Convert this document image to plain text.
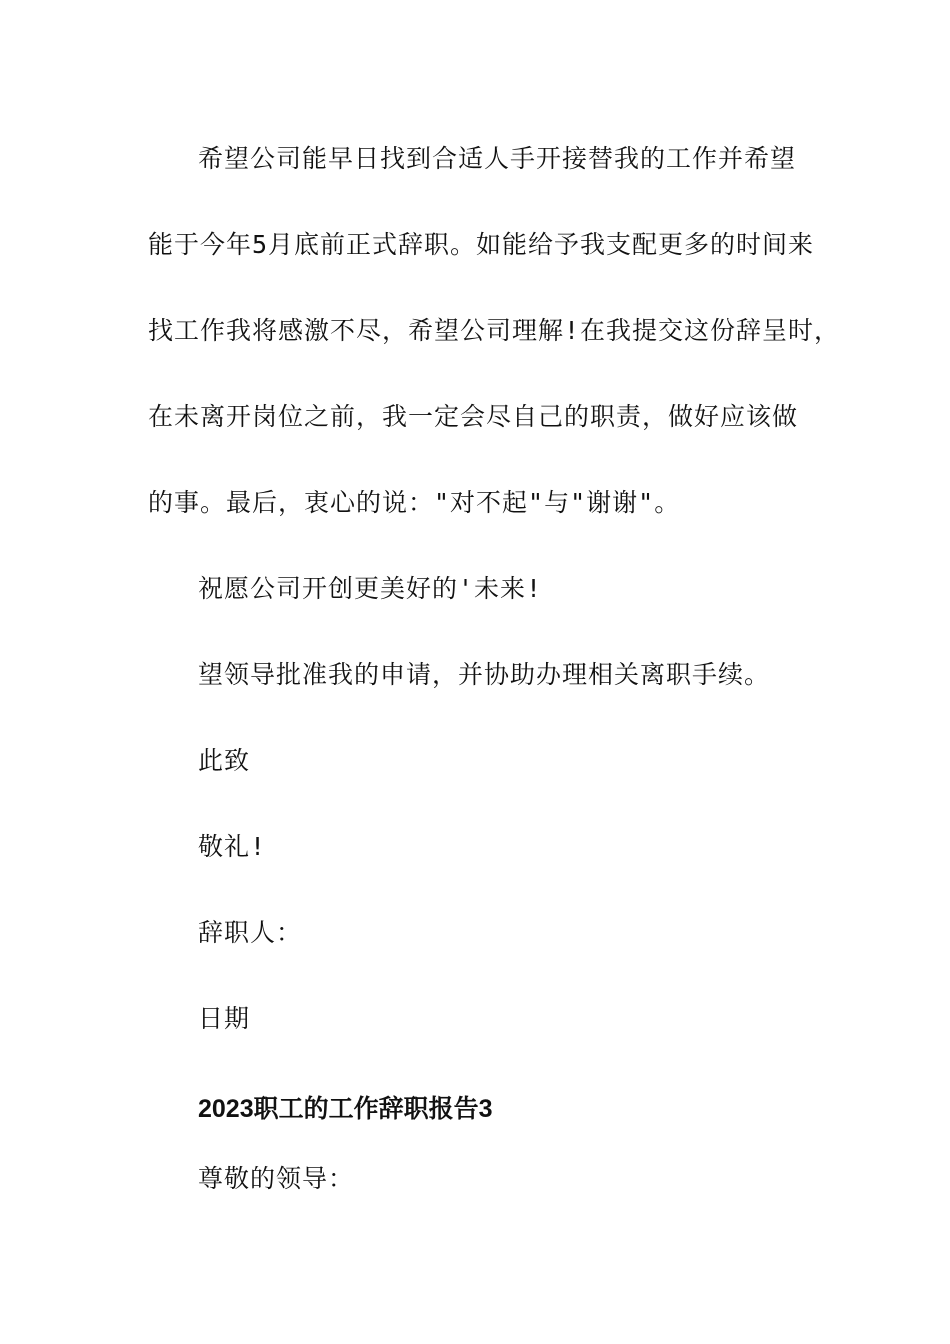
希望公司能早日找到合适人手开接替我的工作并希望
能于今年5月底前正式辞职。如能给予我支配更多的时间来
找工作我将感激不尽，希望公司理解!在我提交这份辞呈时，
在未离开岗位之前，我一定会尽自己的职责，做好应该做
的事。最后，衷心的说："对不起"与"谢谢"。
祝愿公司开创更美好的'未来!
望领导批准我的申请，并协助办理相关离职手续。
此致
敬礼!
辞职人：
日期
2023职工的工作辞职报告3
尊敬的领导：
